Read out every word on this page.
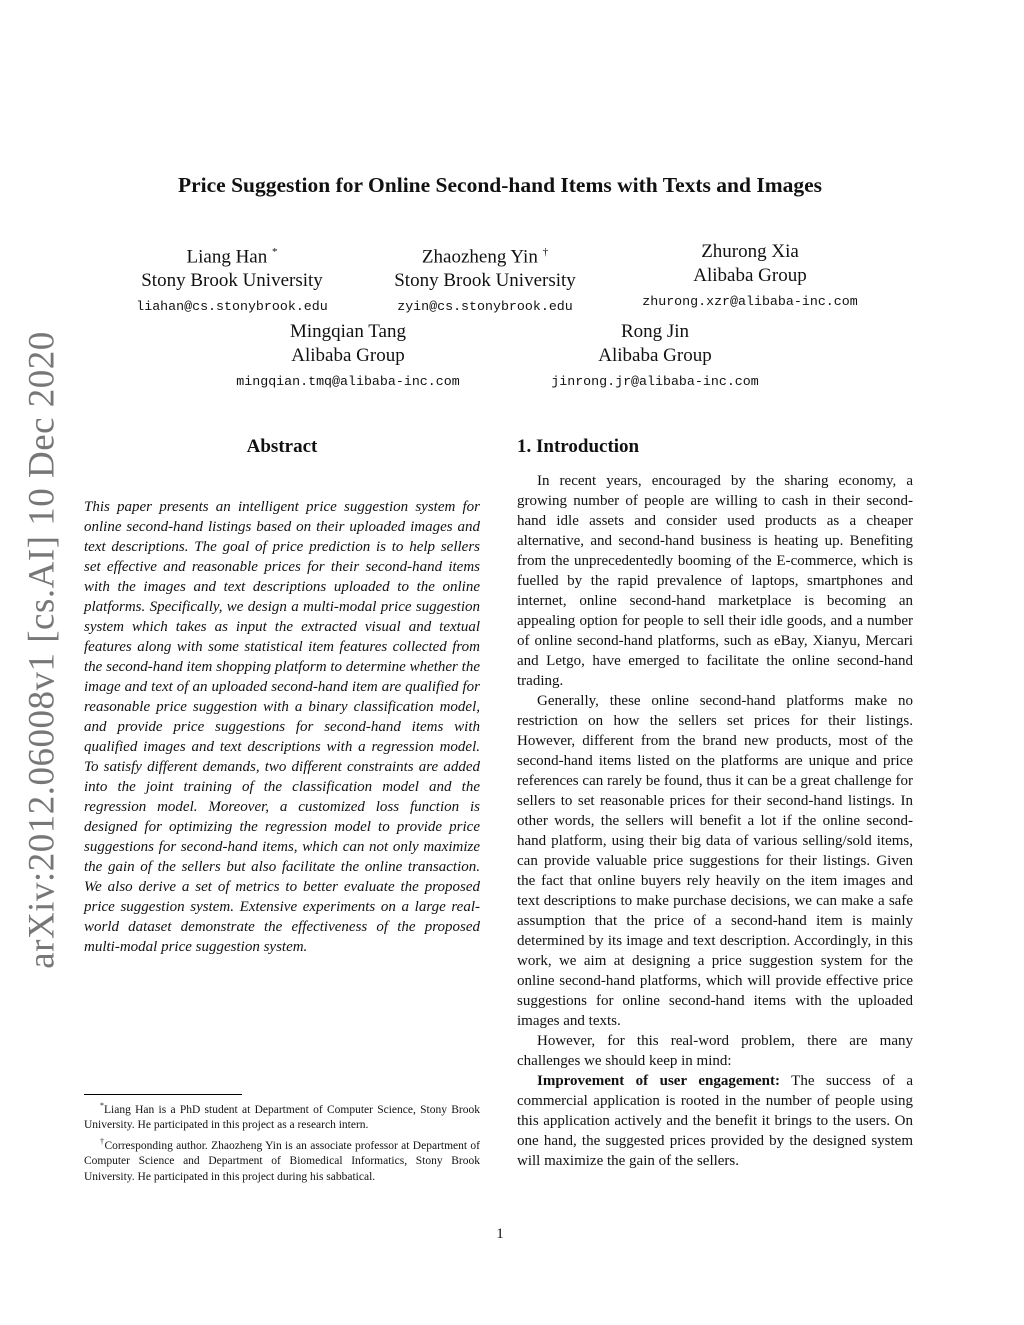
arXiv:2012.06008v1 [cs.AI] 10 Dec 2020
Price Suggestion for Online Second-hand Items with Texts and Images
Liang Han *
Stony Brook University
liahan@cs.stonybrook.edu
Zhaozheng Yin †
Stony Brook University
zyin@cs.stonybrook.edu
Zhurong Xia
Alibaba Group
zhurong.xzr@alibaba-inc.com
Mingqian Tang
Alibaba Group
mingqian.tmq@alibaba-inc.com
Rong Jin
Alibaba Group
jinrong.jr@alibaba-inc.com
Abstract
This paper presents an intelligent price suggestion system for online second-hand listings based on their uploaded images and text descriptions. The goal of price prediction is to help sellers set effective and reasonable prices for their second-hand items with the images and text descriptions uploaded to the online platforms. Specifically, we design a multi-modal price suggestion system which takes as input the extracted visual and textual features along with some statistical item features collected from the second-hand item shopping platform to determine whether the image and text of an uploaded second-hand item are qualified for reasonable price suggestion with a binary classification model, and provide price suggestions for second-hand items with qualified images and text descriptions with a regression model. To satisfy different demands, two different constraints are added into the joint training of the classification model and the regression model. Moreover, a customized loss function is designed for optimizing the regression model to provide price suggestions for second-hand items, which can not only maximize the gain of the sellers but also facilitate the online transaction. We also derive a set of metrics to better evaluate the proposed price suggestion system. Extensive experiments on a large real-world dataset demonstrate the effectiveness of the proposed multi-modal price suggestion system.
1. Introduction

In recent years, encouraged by the sharing economy, a growing number of people are willing to cash in their second-hand idle assets and consider used products as a cheaper alternative, and second-hand business is heating up. Benefiting from the unprecedentedly booming of the E-commerce, which is fuelled by the rapid prevalence of laptops, smartphones and internet, online second-hand marketplace is becoming an appealing option for people to sell their idle goods, and a number of online second-hand platforms, such as eBay, Xianyu, Mercari and Letgo, have emerged to facilitate the online second-hand trading.

Generally, these online second-hand platforms make no restriction on how the sellers set prices for their listings. However, different from the brand new products, most of the second-hand items listed on the platforms are unique and price references can rarely be found, thus it can be a great challenge for sellers to set reasonable prices for their second-hand listings. In other words, the sellers will benefit a lot if the online second-hand platform, using their big data of various selling/sold items, can provide valuable price suggestions for their listings. Given the fact that online buyers rely heavily on the item images and text descriptions to make purchase decisions, we can make a safe assumption that the price of a second-hand item is mainly determined by its image and text description. Accordingly, in this work, we aim at designing a price suggestion system for the online second-hand platforms, which will provide effective price suggestions for online second-hand items with the uploaded images and texts.

However, for this real-word problem, there are many challenges we should keep in mind:

Improvement of user engagement: The success of a commercial application is rooted in the number of people using this application actively and the benefit it brings to the users. On one hand, the suggested prices provided by the designed system will maximize the gain of the sellers.

*Liang Han is a PhD student at Department of Computer Science, Stony Brook University. He participated in this project as a research intern.

†Corresponding author. Zhaozheng Yin is an associate professor at Department of Computer Science and Department of Biomedical Informatics, Stony Brook University. He participated in this project during his sabbatical.

1
